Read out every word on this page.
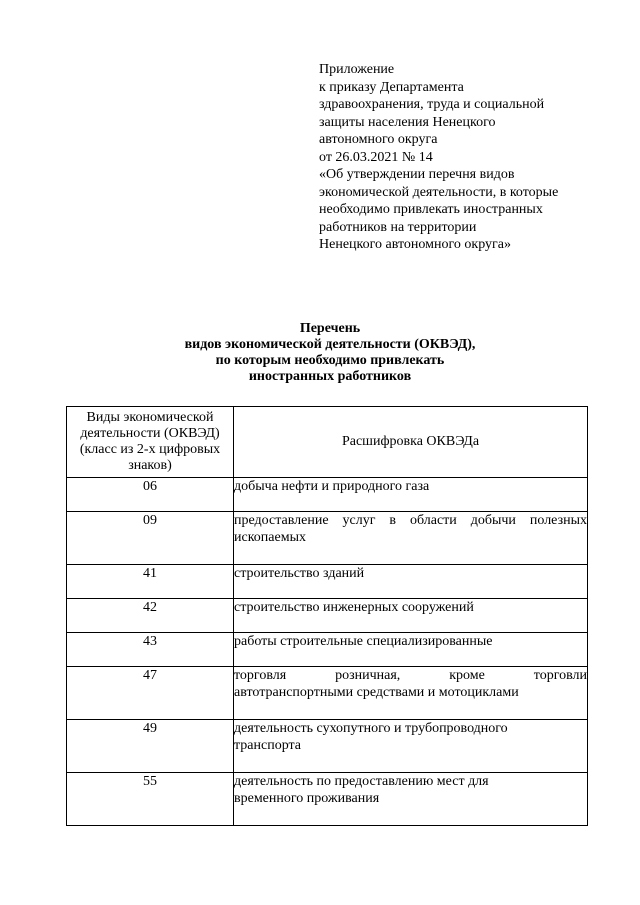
Приложение
к приказу Департамента
здравоохранения, труда и социальной
защиты населения Ненецкого
автономного округа
от 26.03.2021 № 14
«Об утверждении перечня видов
экономической деятельности, в которые
необходимо привлекать иностранных
работников на территории
Ненецкого автономного округа»
Перечень
видов экономической деятельности (ОКВЭД),
по которым необходимо привлекать
иностранных работников
Виды экономической деятельности (ОКВЭД) (класс из 2-х цифровых знаков)	Расшифровка ОКВЭДа
06	добыча нефти и природного газа
09	предоставление услуг в области добычи полезных ископаемых
41	строительство зданий
42	строительство инженерных сооружений
43	работы строительные специализированные
47	торговля розничная, кроме торговли
автотранспортными средствами и мотоциклами

49	деятельность сухопутного и трубопроводного
транспорта

55	деятельность по предоставлению мест для
временного проживания
